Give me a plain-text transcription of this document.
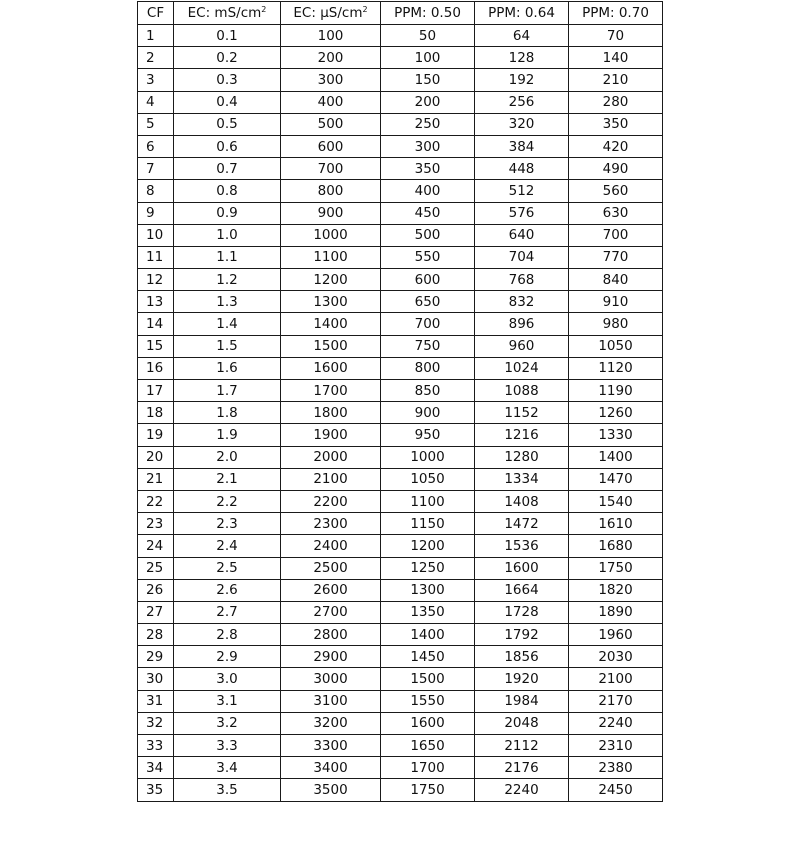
CF	EC: $mS/cm^2$	EC: $\mu S/cm^2$	PPM: 0.50	PPM: 0.64	PPM: 0.70
1	0.1	100	50	64	70
2	0.2	200	100	128	140
3	0.3	300	150	192	210
4	0.4	400	200	256	280
5	0.5	500	250	320	350
6	0.6	600	300	384	420
7	0.7	700	350	448	490
8	0.8	800	400	512	560
9	0.9	900	450	576	630
10	1.0	1000	500	640	700
11	1.1	1100	550	704	770
12	1.2	1200	600	768	840
13	1.3	1300	650	832	910
14	1.4	1400	700	896	980
15	1.5	1500	750	960	1050
16	1.6	1600	800	1024	1120
17	1.7	1700	850	1088	1190
18	1.8	1800	900	1152	1260
19	1.9	1900	950	1216	1330
20	2.0	2000	1000	1280	1400
21	2.1	2100	1050	1334	1470
22	2.2	2200	1100	1408	1540
23	2.3	2300	1150	1472	1610
24	2.4	2400	1200	1536	1680
25	2.5	2500	1250	1600	1750
26	2.6	2600	1300	1664	1820
27	2.7	2700	1350	1728	1890
28	2.8	2800	1400	1792	1960
29	2.9	2900	1450	1856	2030
30	3.0	3000	1500	1920	2100
31	3.1	3100	1550	1984	2170
32	3.2	3200	1600	2048	2240
33	3.3	3300	1650	2112	2310
34	3.4	3400	1700	2176	2380
35	3.5	3500	1750	2240	2450
